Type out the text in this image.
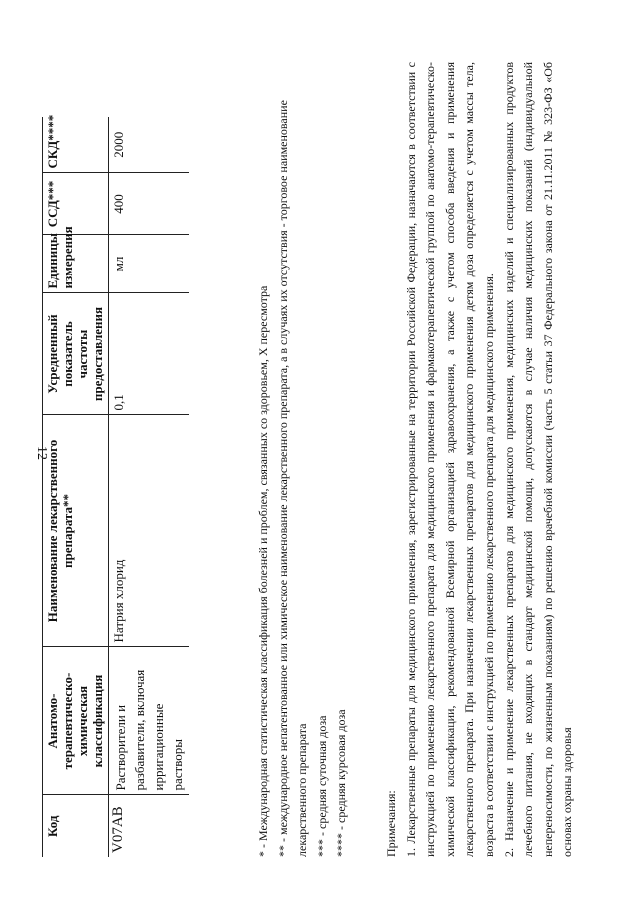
12
Код	Анатомо-терапевтическо-химическая классификация	Наименование лекарственного препарата**	Усредненный показатель частоты предоставления	Единицы измерения	ССД***	СКД****
V07AB	Растворители и разбавители, включая ирригационные растворы	Натрия хлорид	0,1	мл	400	2000

* - Международная статистическая классификация болезней и проблем, связанных со здоровьем, X пересмотра ** - международное непатентованное или химическое наименование лекарственного препарата, а в случаях их отсутствия - торговое наименование лекарственного препарата *** - средняя суточная доза **** - средняя курсовая доза	Примечания: 1. Лекарственные препараты для медицинского применения, зарегистрированные на территории Российской Федерации, назначаются в соответствии с инструкцией по применению лекарственного препарата для медицинского применения и фармакотерапевтической группой по анатомо-терапевтическо-химической классификации, рекомендованной Всемирной организацией здравоохранения, а также с учетом способа введения и применения лекарственного препарата. При назначении лекарственных препаратов для медицинского применения детям доза определяется с учетом массы тела, возраста в соответствии с инструкцией по применению лекарственного препарата для медицинского применения. 2. Назначение и применение лекарственных препаратов для медицинского применения, медицинских изделий и специализированных продуктов лечебного питания, не входящих в стандарт медицинской помощи, допускаются в случае наличия медицинских показаний (индивидуальной непереносимости, по жизненным показаниям) по решению врачебной комиссии (часть 5 статьи 37 Федерального закона от 21.11.2011 № 323-ФЗ «Об основах охраны здоровья
